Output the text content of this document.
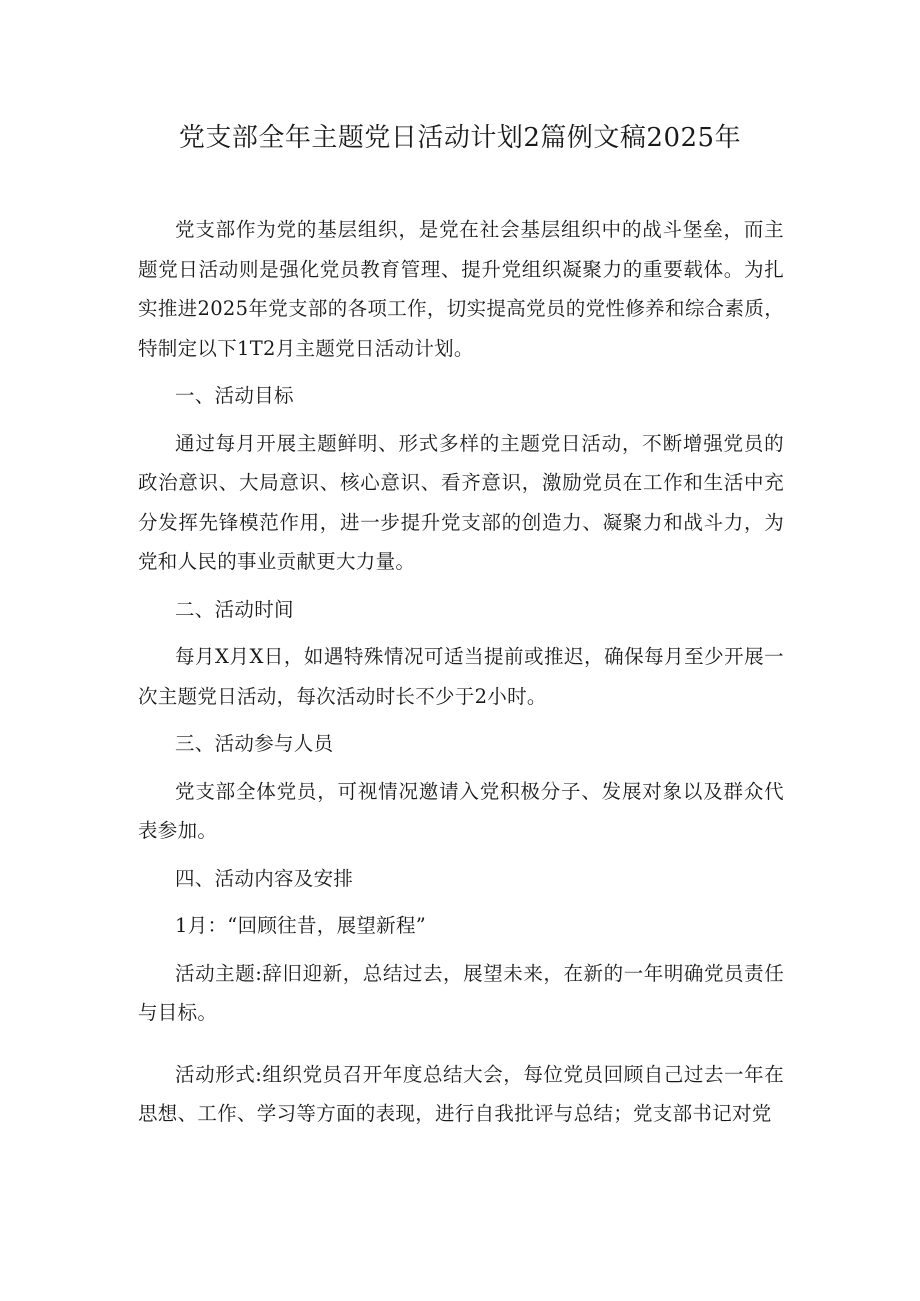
党支部全年主题党日活动计划2篇例文稿2025年

党支部作为党的基层组织，是党在社会基层组织中的战斗堡垒，而主题党日活动则是强化党员教育管理、提升党组织凝聚力的重要载体。为扎实推进2025年党支部的各项工作，切实提高党员的党性修养和综合素质，特制定以下1T2月主题党日活动计划。

一、活动目标

通过每月开展主题鲜明、形式多样的主题党日活动，不断增强党员的政治意识、大局意识、核心意识、看齐意识，激励党员在工作和生活中充分发挥先锋模范作用，进一步提升党支部的创造力、凝聚力和战斗力，为党和人民的事业贡献更大力量。

二、活动时间

每月X月X日，如遇特殊情况可适当提前或推迟，确保每月至少开展一次主题党日活动，每次活动时长不少于2小时。

三、活动参与人员

党支部全体党员，可视情况邀请入党积极分子、发展对象以及群众代表参加。

四、活动内容及安排

1月：“回顾往昔，展望新程”

活动主题:辞旧迎新，总结过去，展望未来，在新的一年明确党员责任与目标。

活动形式:组织党员召开年度总结大会，每位党员回顾自己过去一年在思想、工作、学习等方面的表现，进行自我批评与总结；党支部书记对党
